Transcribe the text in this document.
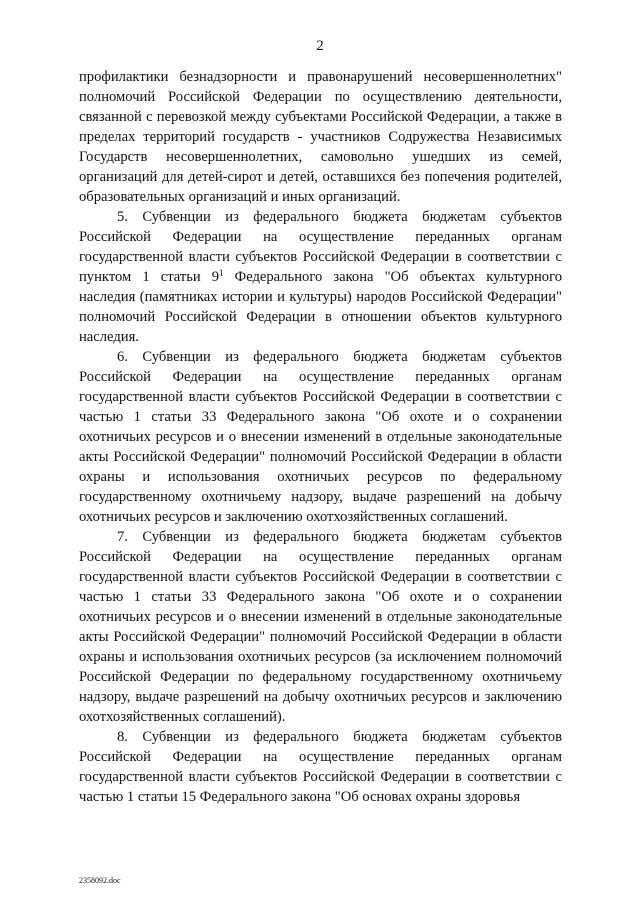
2

профилактики безнадзорности и правонарушений несовершеннолетних" полномочий Российской Федерации по осуществлению деятельности, связанной с перевозкой между субъектами Российской Федерации, а также в пределах территорий государств - участников Содружества Независимых Государств несовершеннолетних, самовольно ушедших из семей, организаций для детей-сирот и детей, оставшихся без попечения родителей, образовательных организаций и иных организаций.

5. Субвенции из федерального бюджета бюджетам субъектов Российской Федерации на осуществление переданных органам государственной власти субъектов Российской Федерации в соответствии с пунктом 1 статьи $9^1$ Федерального закона "Об объектах культурного наследия (памятниках истории и культуры) народов Российской Федерации" полномочий Российской Федерации в отношении объектов культурного наследия.

6. Субвенции из федерального бюджета бюджетам субъектов Российской Федерации на осуществление переданных органам государственной власти субъектов Российской Федерации в соответствии с частью 1 статьи 33 Федерального закона "Об охоте и о сохранении охотничьих ресурсов и о внесении изменений в отдельные законодательные акты Российской Федерации" полномочий Российской Федерации в области охраны и использования охотничьих ресурсов по федеральному государственному охотничьему надзору, выдаче разрешений на добычу охотничьих ресурсов и заключению охотхозяйственных соглашений.

7. Субвенции из федерального бюджета бюджетам субъектов Российской Федерации на осуществление переданных органам государственной власти субъектов Российской Федерации в соответствии с частью 1 статьи 33 Федерального закона "Об охоте и о сохранении охотничьих ресурсов и о внесении изменений в отдельные законодательные акты Российской Федерации" полномочий Российской Федерации в области охраны и использования охотничьих ресурсов (за исключением полномочий Российской Федерации по федеральному государственному охотничьему надзору, выдаче разрешений на добычу охотничьих ресурсов и заключению охотхозяйственных соглашений).

8. Субвенции из федерального бюджета бюджетам субъектов Российской Федерации на осуществление переданных органам государственной власти субъектов Российской Федерации в соответствии с частью 1 статьи 15 Федерального закона "Об основах охраны здоровья

2358092.doc
